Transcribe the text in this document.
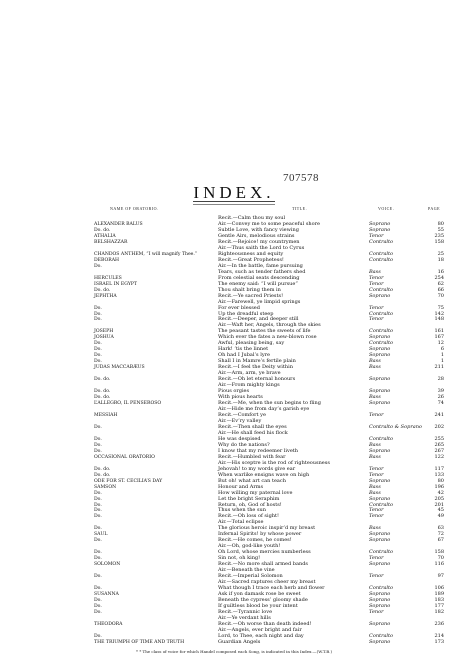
707578
INDEX.
NAME OF ORATORIO.	TITLE.	VOICE.	PAGE
Recit.—Calm thou my soul
ALEXANDER BALUS	Air.—Convey me to some peaceful shore	Soprano	80
Do. do.	Subtle Love, with fancy viewing	Soprano	55
ATHALIA	Gentle Airs, melodious strains	Tenor	235
BELSHAZZAR	Recit.—Rejoice! my countrymen	Contralto	158
Air.—Thus saith the Lord to Cyrus
CHANDOS ANTHEM, “I will magnify Thee.”	Righteousness and equity	Contralto	25
DEBORAH	Recit.—Great Prophetess!	Contralto	18
Do.	Air.—In the battle, fame pursuing
Tears, such as tender fathers shed	Bass	16
HERCULES	From celestial seats descending	Tenor	254
ISRAEL IN EGYPT	The enemy said: “I will pursue”	Tenor	62
Do. do.	Thou shalt bring them in	Contralto	66
JEPHTHA	Recit.—Ye sacred Priests!	Soprano	70
Air.—Farewell, ye limpid springs
Do.	For ever blessed	Tenor	75
Do.	Up the dreadful steep	Contralto	142
Do.	Recit.—Deeper, and deeper still	Tenor	148
Air.—Waft her, Angels, through the skies
JOSEPH	The peasant tastes the sweets of life	Contralto	161
JOSHUA	Which ever the fates a new-blown rose	Soprano	167
Do.	Awful, pleasing being, say	Contralto	12
Do.	Hark! ’tis the linnet	Soprano	6
Do.	Oh had I Jubal’s lyre	Soprano	1
Do.	Shall I in Mamre’s fertile plain	Bass	1
JUDAS MACCABÆUS	Recit.—I feel the Deity within	Bass	211
Air.—Arm, arm, ye brave
Do. do.	Recit.—Oh let eternal honours	Soprano	28
Air.—From mighty kings
Do. do.	Pious orgies	Soprano	39
Do. do.	With pious hearts	Bass	26
L’ALLEGRO, IL PENSEROSO	Recit.—Me, when the sun begins to fling	Soprano	74
Air.—Hide me from day’s garish eye
MESSIAH	Recit.—Comfort ye	Tenor	241
Air.—Ev’ry valley
Do.	Recit.—Then shall the eyes	Contralto & Soprano	202
Air.—He shall feed his flock
Do.	He was despised	Contralto	255
Do.	Why do the nations?	Bass	265
Do.	I know that my redeemer liveth	Soprano	267
OCCASIONAL ORATORIO	Recit.—Humbled with fear	Bass	122
Air.—His sceptre is the rod of righteousness
Do. do.	Jehovah! to my words give ear	Tenor	117
Do. do.	When warlike ensigns wave on high	Tenor	133
ODE FOR ST. CECILIA’S DAY	But oh! what art can teach	Soprano	80
SAMSON	Honour and Arms	Bass	196
Do.	How willing my paternal love	Bass	42
Do.	Let the bright Seraphim	Soprano	205
Do.	Return, oh, God of hosts!	Contralto	201
Do.	Thus when the sun	Tenor	45
Do.	Recit.—Oh loss of sight!	Tenor	49
Air.—Total eclipse
Do.	The glorious heroic inspir’d my breast	Bass	63
SAUL	Infernal Spirits! by whose power	Soprano	72
Do.	Recit.—He comes, he comes!	Soprano	67
Air.—Oh, god-like youth!
Do.	Oh Lord, whose mercies numberless	Contralto	158
Do.	Sin not, oh king!	Tenor	70
SOLOMON	Recit.—No more shall armed bands	Soprano	116
Air.—Beneath the vine
Do.	Recit.—Imperial Solomon	Tenor	97
Air.—Sacred raptures cheer my breast
Do.	What though I trace each herb and flower	Contralto	106
SUSANNA	Ask if yon damask rose be sweet	Soprano	189
Do.	Beneath the cypress’ gloomy shade	Soprano	183
Do.	If guiltless blood be your intent	Soprano	177
Do.	Recit.—Tyrannic love	Tenor	182
Air.—Ye verdant hills
THEODORA	Recit.—Oh worse than death indeed!	Soprano	236
Air.—Angels, ever bright and fair
Do.	Lord, to Thee, each night and day	Contralto	214
THE TRIUMPH OF TIME AND TRUTH	Guardian Angels	Soprano	173
* * The class of voice for which Handel composed each Song, is indicated in this Index.—(W.T.B.)
